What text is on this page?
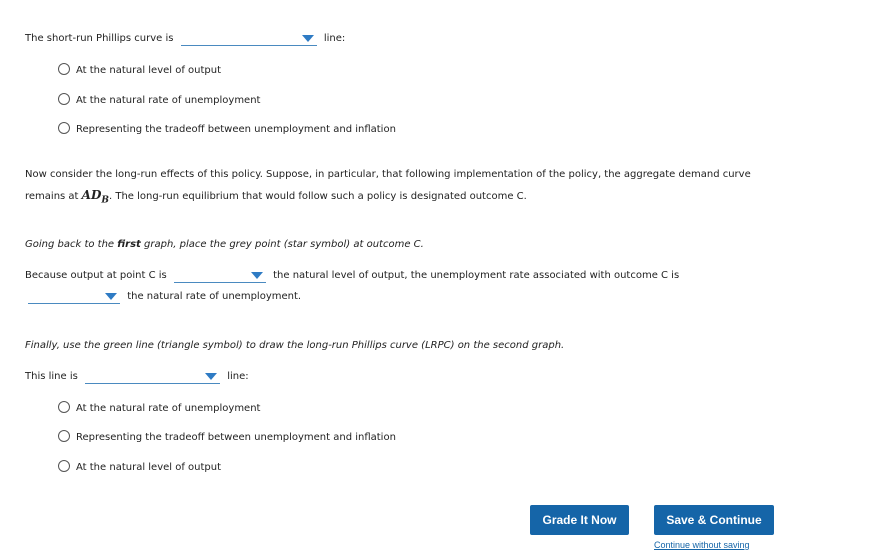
The short-run Phillips curve is	line:
At the natural level of output
At the natural rate of unemployment
Representing the tradeoff between unemployment and inflation
Now consider the long-run effects of this policy. Suppose, in particular, that following implementation of the policy, the aggregate demand curve
remains at $AD_B$. The long-run equilibrium that would follow such a policy is designated outcome C.
Going back to the first graph, place the grey point (star symbol) at outcome C.
Because output at point C is	the natural level of output, the unemployment rate associated with outcome C is
the natural rate of unemployment.
Finally, use the green line (triangle symbol) to draw the long-run Phillips curve (LRPC) on the second graph.
This line is	line:
At the natural rate of unemployment
Representing the tradeoff between unemployment and inflation
At the natural level of output
Grade It Now	Save & Continue
Continue without saving
